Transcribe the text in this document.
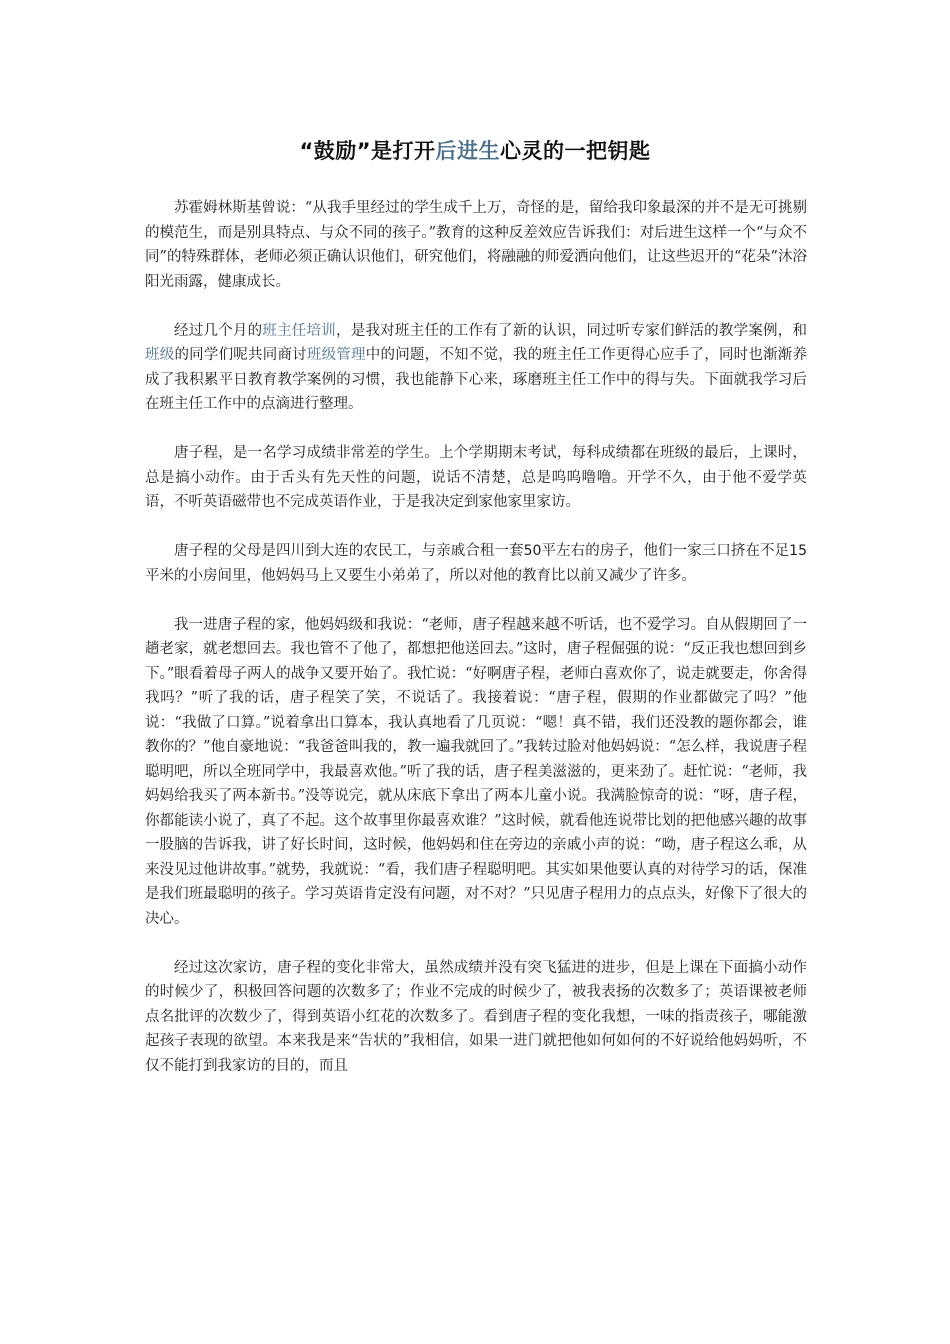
“鼓励”是打开后进生心灵的一把钥匙

苏霍姆林斯基曾说：“从我手里经过的学生成千上万，奇怪的是，留给我印象最深的并不是无可挑剔的模范生，而是别具特点、与众不同的孩子。”教育的这种反差效应告诉我们：对后进生这样一个“与众不同”的特殊群体，老师必须正确认识他们，研究他们，将融融的师爱洒向他们，让这些迟开的“花朵”沐浴阳光雨露，健康成长。

经过几个月的班主任培训，是我对班主任的工作有了新的认识，同过听专家们鲜活的教学案例，和班级的同学们呢共同商讨班级管理中的问题，不知不觉，我的班主任工作更得心应手了，同时也渐渐养成了我积累平日教育教学案例的习惯，我也能静下心来，琢磨班主任工作中的得与失。下面就我学习后在班主任工作中的点滴进行整理。

唐子程，是一名学习成绩非常差的学生。上个学期期末考试，每科成绩都在班级的最后，上课时，总是搞小动作。由于舌头有先天性的问题，说话不清楚，总是呜呜噜噜。开学不久，由于他不爱学英语，不听英语磁带也不完成英语作业，于是我决定到家他家里家访。

唐子程的父母是四川到大连的农民工，与亲戚合租一套50平左右的房子，他们一家三口挤在不足15平米的小房间里，他妈妈马上又要生小弟弟了，所以对他的教育比以前又减少了许多。

我一进唐子程的家，他妈妈级和我说：“老师，唐子程越来越不听话，也不爱学习。自从假期回了一趟老家，就老想回去。我也管不了他了，都想把他送回去。”这时，唐子程倔强的说：“反正我也想回到乡下。”眼看着母子两人的战争又要开始了。我忙说：“好啊唐子程，老师白喜欢你了，说走就要走，你舍得我吗？”听了我的话，唐子程笑了笑，不说话了。我接着说：“唐子程，假期的作业都做完了吗？”他说：“我做了口算。”说着拿出口算本，我认真地看了几页说：“嗯！真不错，我们还没教的题你都会，谁教你的？”他自豪地说：“我爸爸叫我的，教一遍我就回了。”我转过脸对他妈妈说：“怎么样，我说唐子程聪明吧，所以全班同学中，我最喜欢他。”听了我的话，唐子程美滋滋的，更来劲了。赶忙说：“老师，我妈妈给我买了两本新书。”没等说完，就从床底下拿出了两本儿童小说。我满脸惊奇的说：“呀，唐子程，你都能读小说了，真了不起。这个故事里你最喜欢谁？”这时候，就看他连说带比划的把他感兴趣的故事一股脑的告诉我，讲了好长时间，这时候，他妈妈和住在旁边的亲戚小声的说：“呦，唐子程这么乖，从来没见过他讲故事。”就势，我就说：“看，我们唐子程聪明吧。其实如果他要认真的对待学习的话，保准是我们班最聪明的孩子。学习英语肯定没有问题，对不对？”只见唐子程用力的点点头，好像下了很大的决心。

经过这次家访，唐子程的变化非常大，虽然成绩并没有突飞猛进的进步，但是上课在下面搞小动作的时候少了，积极回答问题的次数多了；作业不完成的时候少了，被我表扬的次数多了；英语课被老师点名批评的次数少了，得到英语小红花的次数多了。看到唐子程的变化我想，一味的指责孩子，哪能激起孩子表现的欲望。本来我是来“告状的”我相信，如果一进门就把他如何如何的不好说给他妈妈听，不仅不能打到我家访的目的，而且
